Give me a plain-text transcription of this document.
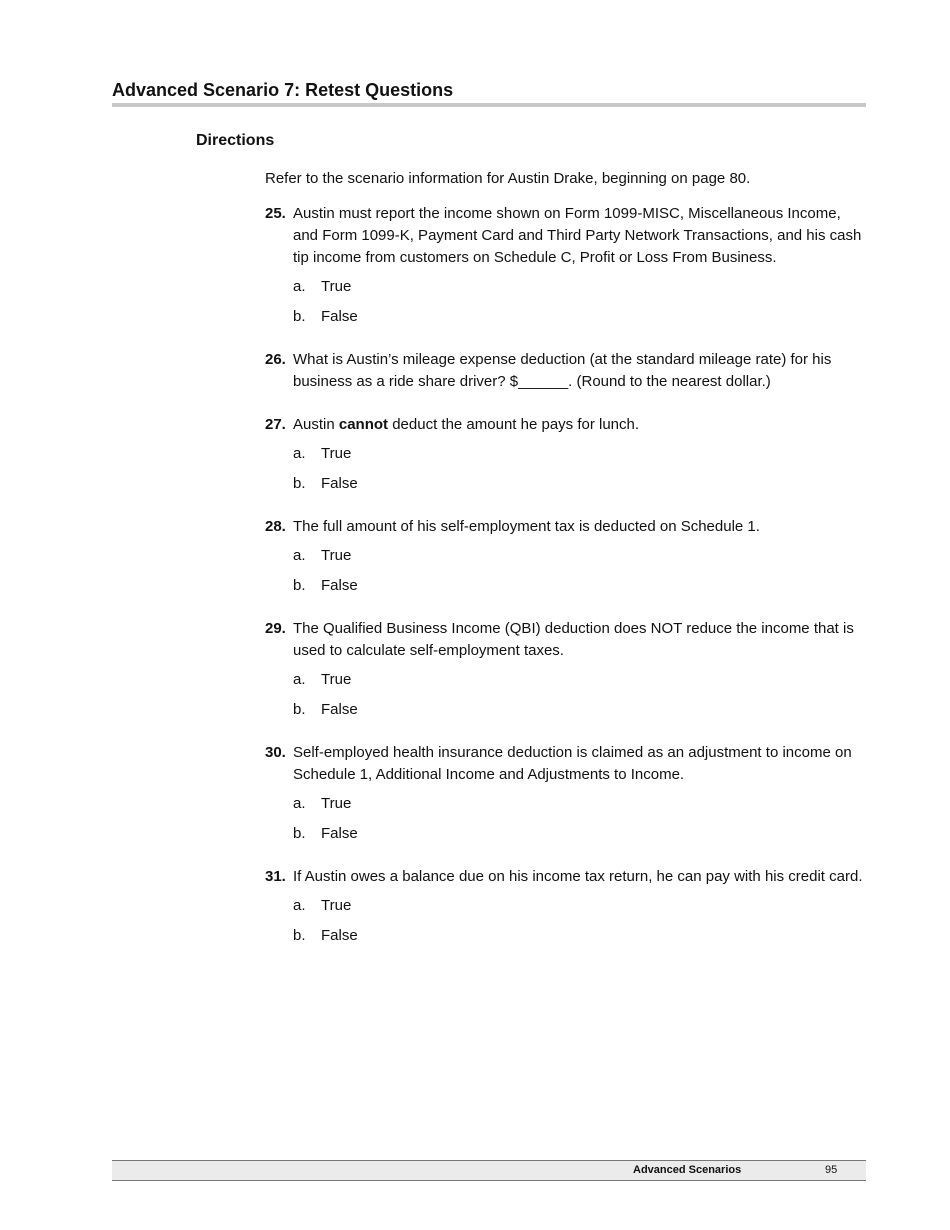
Advanced Scenario 7: Retest Questions
Directions

Refer to the scenario information for Austin Drake, beginning on page 80.

25. Austin must report the income shown on Form 1099-MISC, Miscellaneous Income, and Form 1099-K, Payment Card and Third Party Network Transactions, and his cash tip income from customers on Schedule C, Profit or Loss From Business.

a.	True
b.	False
26. What is Austin’s mileage expense deduction (at the standard mileage rate) for his business as a ride share driver? $______. (Round to the nearest dollar.)

27. Austin cannot deduct the amount he pays for lunch.

a.	True
b.	False
28. The full amount of his self-employment tax is deducted on Schedule 1.

a.	True
b.	False
29. The Qualified Business Income (QBI) deduction does NOT reduce the income that is used to calculate self-employment taxes.

a.	True
b.	False
30. Self-employed health insurance deduction is claimed as an adjustment to income on Schedule 1, Additional Income and Adjustments to Income.

a.	True
b.	False
31. If Austin owes a balance due on his income tax return, he can pay with his credit card.

a.	True
b.	False
Advanced Scenarios	95
